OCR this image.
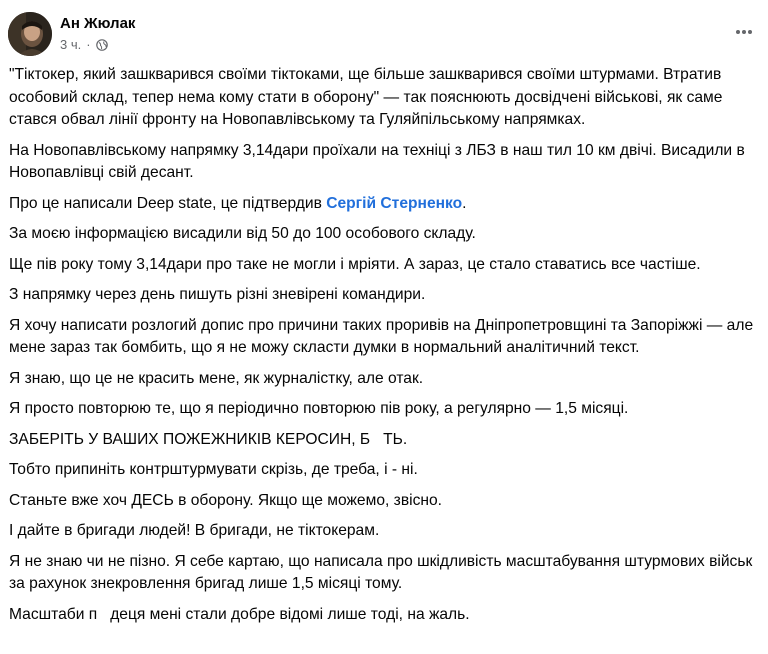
Ан Жюлак
3 ч. ·

"Тіктокер, який зашкварився своїми тіктоками, ще більше зашкварився своїми штурмами. Втратив особовий склад, тепер нема кому стати в оборону" — так пояснюють досвідчені військові, як саме стався обвал лінії фронту на Новопавлівському та Гуляйпільському напрямках.

На Новопавлівському напрямку 3,14дари проїхали на техніці з ЛБЗ в наш тил 10 км двічі. Висадили в Новопавлівці свій десант.

Про це написали Deep state, це підтвердив Сергій Стерненко.

За моєю інформацією висадили від 50 до 100 особового складу.

Ще пів року тому 3,14дари про таке не могли і мріяти. А зараз, це стало ставатись все частіше.

З напрямку через день пишуть різні зневірені командири.

Я хочу написати розлогий допис про причини таких проривів на Дніпропетровщині та Запоріжжі — але мене зараз так бомбить, що я не можу скласти думки в нормальний аналітичний текст.

Я знаю, що це не красить мене, як журналістку, але отак.

Я просто повторюю те, що я періодично повторюю пів року, а регулярно — 1,5 місяці.

ЗАБЕРІТЬ У ВАШИХ ПОЖЕЖНИКІВ КЕРОСИН, Б ТЬ.

Тобто припиніть контрштурмувати скрізь, де треба, і - ні.

Станьте вже хоч ДЕСЬ в оборону. Якщо ще можемо, звісно.

І дайте в бригади людей! В бригади, не тіктокерам.

Я не знаю чи не пізно. Я себе картаю, що написала про шкідливість масштабування штурмових військ за рахунок знекровлення бригад лише 1,5 місяці тому.

Масштаби п деця мені стали добре відомі лише тоді, на жаль.
